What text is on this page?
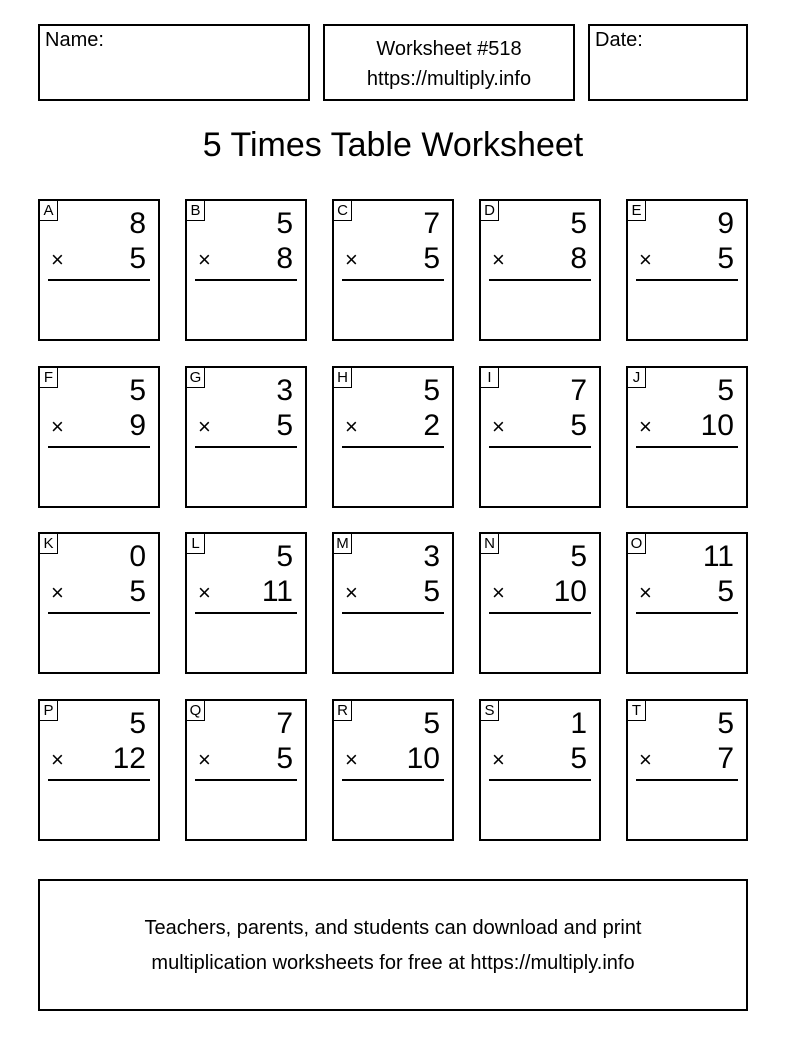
Name:	Worksheet #518
https://multiply.info
Date:
5 Times Table Worksheet
A	8
× 5
B	5
× 8
C	7
× 5
D	5
× 8
E	9
× 5
F	5
× 9
G 3
× 5
H	5
× 2
I	7
× 5
J	5
× 10
K	0
× 5
L	5
× 11
M 3
× 5
N	5
× 10
O 11
× 5
P	5
× 12
Q 7
× 5
R	5
× 10
S	1
× 5
T	5
× 7
Teachers, parents, and students can download and print
multiplication worksheets for free at https://multiply.info
